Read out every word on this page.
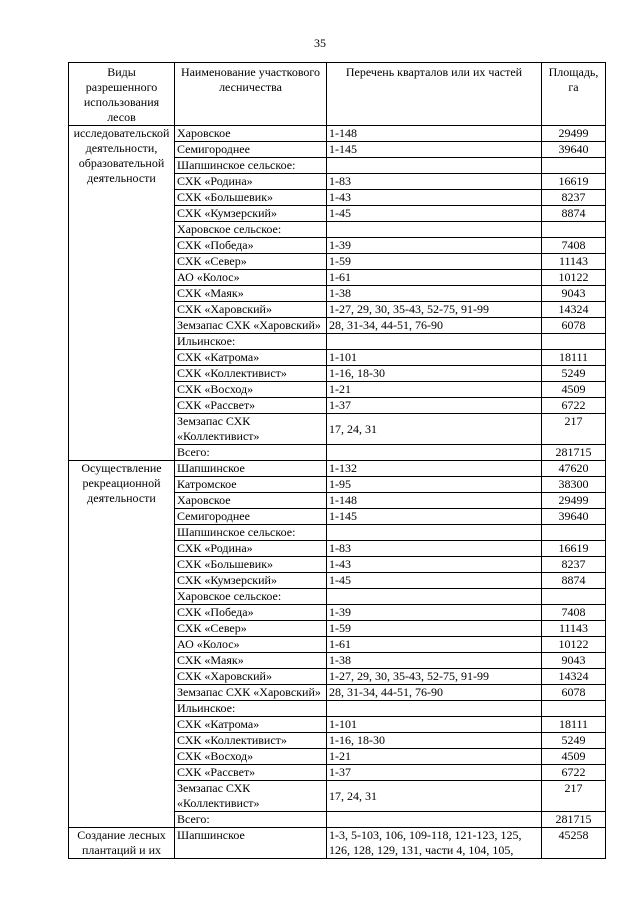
35
Виды разрешенного использования лесов	Наименование участкового лесничества	Перечень кварталов или их частей	Площадь, га
исследовательской деятельности, образовательной деятельности	Харовское	1-148	29499
	Семигороднее	1-145	39640
	Шапшинское сельское:		
	СХК «Родина»	1-83	16619
	СХК «Большевик»	1-43	8237
	СХК «Кумзерский»	1-45	8874
	Харовское сельское:		
	СХК «Победа»	1-39	7408
	СХК «Север»	1-59	11143
	АО «Колос»	1-61	10122
	СХК «Маяк»	1-38	9043
	СХК «Харовский»	1-27, 29, 30, 35-43, 52-75, 91-99	14324
	Земзапас СХК «Харовский»	28, 31-34, 44-51, 76-90	6078
	Ильинское:		
	СХК «Катрома»	1-101	18111
	СХК «Коллективист»	1-16, 18-30	5249
	СХК «Восход»	1-21	4509
	СХК «Рассвет»	1-37	6722
	Земзапас СХК «Коллективист»	17, 24, 31	217
	Всего:		281715
Осуществление рекреационной деятельности	Шапшинское	1-132	47620
	Катромское	1-95	38300
	Харовское	1-148	29499
	Семигороднее	1-145	39640
	Шапшинское сельское:		
	СХК «Родина»	1-83	16619
	СХК «Большевик»	1-43	8237
	СХК «Кумзерский»	1-45	8874
	Харовское сельское:		
	СХК «Победа»	1-39	7408
	СХК «Север»	1-59	11143
	АО «Колос»	1-61	10122
	СХК «Маяк»	1-38	9043
	СХК «Харовский»	1-27, 29, 30, 35-43, 52-75, 91-99	14324
	Земзапас СХК «Харовский»	28, 31-34, 44-51, 76-90	6078
	Ильинское:		
	СХК «Катрома»	1-101	18111
	СХК «Коллективист»	1-16, 18-30	5249
	СХК «Восход»	1-21	4509
	СХК «Рассвет»	1-37	6722
	Земзапас СХК «Коллективист»	17, 24, 31	217
	Всего:		281715
Создание лесных плантаций и их	Шапшинское	1-3, 5-103, 106, 109-118, 121-123, 125, 126, 128, 129, 131, части 4, 104, 105,	45258
